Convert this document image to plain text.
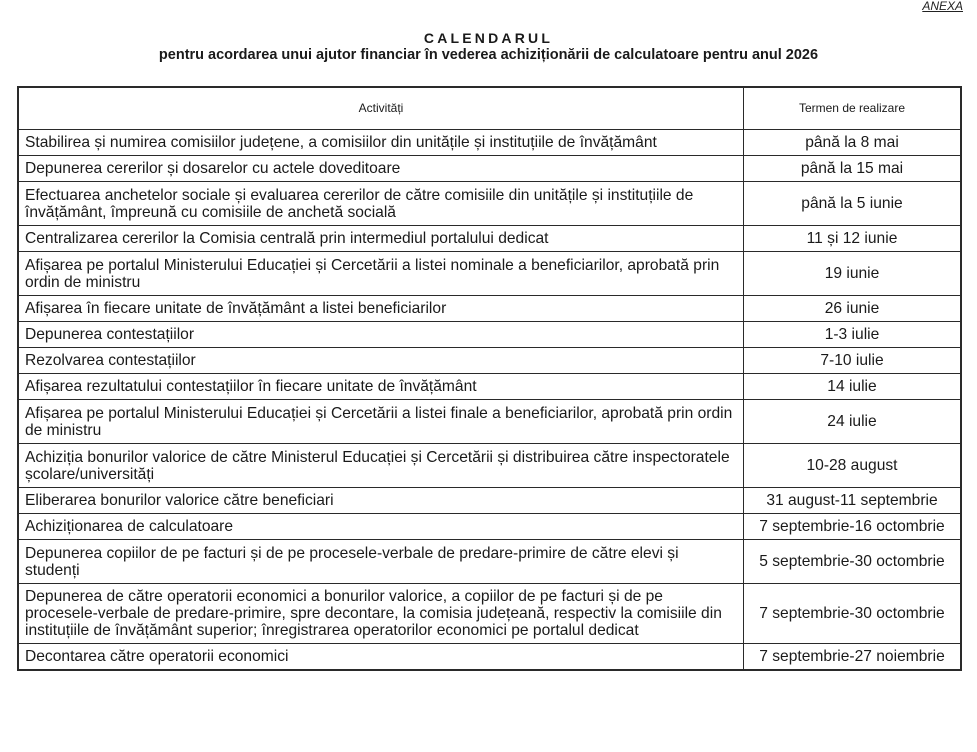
ANEXA
CALENDARUL
pentru acordarea unui ajutor financiar în vederea achiziționării de calculatoare pentru anul 2026
Activități	Termen de realizare
Stabilirea și numirea comisiilor județene, a comisiilor din unitățile și instituțiile de învățământ	până la 8 mai
Depunerea cererilor și dosarelor cu actele doveditoare	până la 15 mai
Efectuarea anchetelor sociale și evaluarea cererilor de către comisiile din unitățile și instituțiile de învățământ, împreună cu comisiile de anchetă socială	până la 5 iunie
Centralizarea cererilor la Comisia centrală prin intermediul portalului dedicat	11 și 12 iunie
Afișarea pe portalul Ministerului Educației și Cercetării a listei nominale a beneficiarilor, aprobată prin ordin de ministru	19 iunie
Afișarea în fiecare unitate de învățământ a listei beneficiarilor	26 iunie
Depunerea contestațiilor	1-3 iulie
Rezolvarea contestațiilor	7-10 iulie
Afișarea rezultatului contestațiilor în fiecare unitate de învățământ	14 iulie
Afișarea pe portalul Ministerului Educației și Cercetării a listei finale a beneficiarilor, aprobată prin ordin de ministru	24 iulie
Achiziția bonurilor valorice de către Ministerul Educației și Cercetării și distribuirea către inspectoratele școlare/universități	10-28 august
Eliberarea bonurilor valorice către beneficiari	31 august-11 septembrie
Achiziționarea de calculatoare	7 septembrie-16 octombrie
Depunerea copiilor de pe facturi și de pe procesele-verbale de predare-primire de către elevi și studenți	5 septembrie-30 octombrie
Depunerea de către operatorii economici a bonurilor valorice, a copiilor de pe facturi și de pe procesele-verbale de predare-primire, spre decontare, la comisia județeană, respectiv la comisiile din instituțiile de învățământ superior; înregistrarea operatorilor economici pe portalul dedicat	7 septembrie-30 octombrie
Decontarea către operatorii economici	7 septembrie-27 noiembrie
